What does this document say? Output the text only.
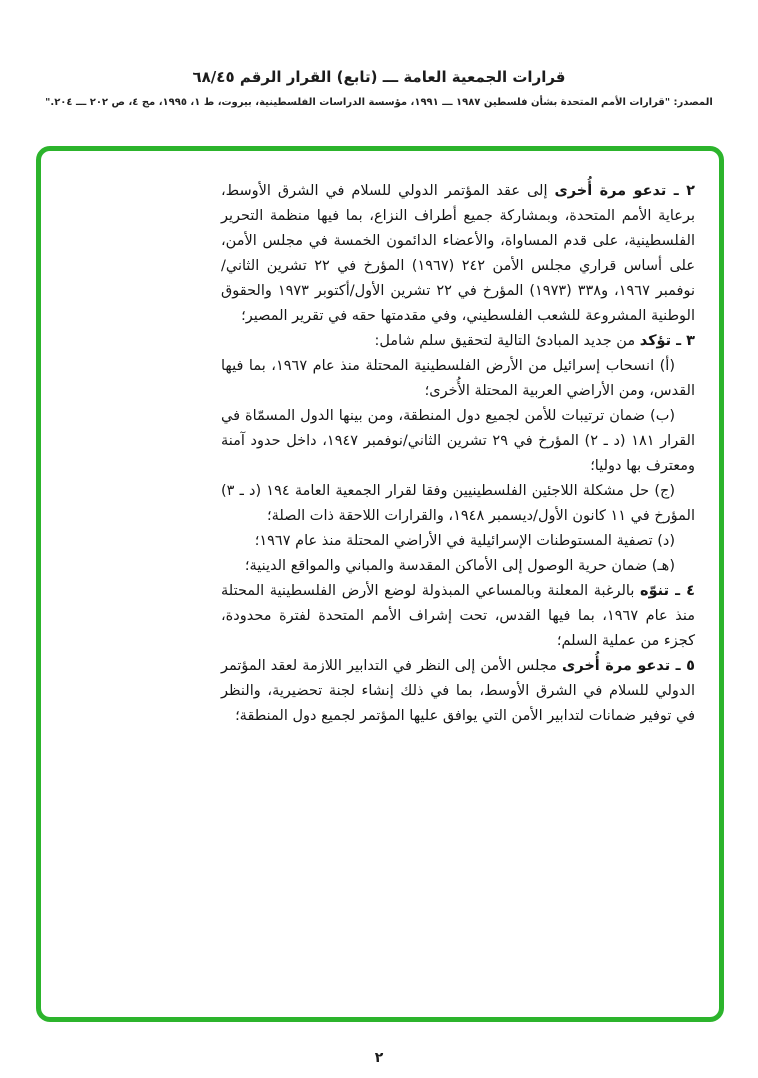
قرارات الجمعية العامة ـــ (تابع) القرار الرقم ٦٨/٤٥
المصدر: "قرارات الأمم المتحدة بشأن فلسطين ١٩٨٧ ـــ ١٩٩١، مؤسسة الدراسات الفلسطينية، بيروت، ط ١، ١٩٩٥، مج ٤، ص ٢٠٢ ـــ ٢٠٤."

٢ ـ تدعو مرة أُخرى إلى عقد المؤتمر الدولي للسلام في الشرق الأوسط، برعاية الأمم المتحدة، وبمشاركة جميع أطراف النزاع، بما فيها منظمة التحرير الفلسطينية، على قدم المساواة، والأعضاء الدائمون الخمسة في مجلس الأمن، على أساس قراري مجلس الأمن ٢٤٢ (١٩٦٧) المؤرخ في ٢٢ تشرين الثاني/نوفمبر ١٩٦٧، و٣٣٨ (١٩٧٣) المؤرخ في ٢٢ تشرين الأول/أكتوبر ١٩٧٣ والحقوق الوطنية المشروعة للشعب الفلسطيني، وفي مقدمتها حقه في تقرير المصير؛

٣ ـ تؤكد من جديد المبادئ التالية لتحقيق سلم شامل:

(أ) انسحاب إسرائيل من الأرض الفلسطينية المحتلة منذ عام ١٩٦٧، بما فيها القدس، ومن الأراضي العربية المحتلة الأُخرى؛

(ب) ضمان ترتيبات للأمن لجميع دول المنطقة، ومن بينها الدول المسمّاة في القرار ١٨١ (د ـ ٢) المؤرخ في ٢٩ تشرين الثاني/نوفمبر ١٩٤٧، داخل حدود آمنة ومعترف بها دوليا؛

(ج) حل مشكلة اللاجئين الفلسطينيين وفقا لقرار الجمعية العامة ١٩٤ (د ـ ٣) المؤرخ في ١١ كانون الأول/ديسمبر ١٩٤٨، والقرارات اللاحقة ذات الصلة؛

(د) تصفية المستوطنات الإسرائيلية في الأراضي المحتلة منذ عام ١٩٦٧؛

(هـ) ضمان حرية الوصول إلى الأماكن المقدسة والمباني والمواقع الدينية؛

٤ ـ تنوّه بالرغبة المعلنة وبالمساعي المبذولة لوضع الأرض الفلسطينية المحتلة منذ عام ١٩٦٧، بما فيها القدس، تحت إشراف الأمم المتحدة لفترة محدودة، كجزء من عملية السلم؛

٥ ـ تدعو مرة أُخرى مجلس الأمن إلى النظر في التدابير اللازمة لعقد المؤتمر الدولي للسلام في الشرق الأوسط، بما في ذلك إنشاء لجنة تحضيرية، والنظر في توفير ضمانات لتدابير الأمن التي يوافق عليها المؤتمر لجميع دول المنطقة؛

٢
